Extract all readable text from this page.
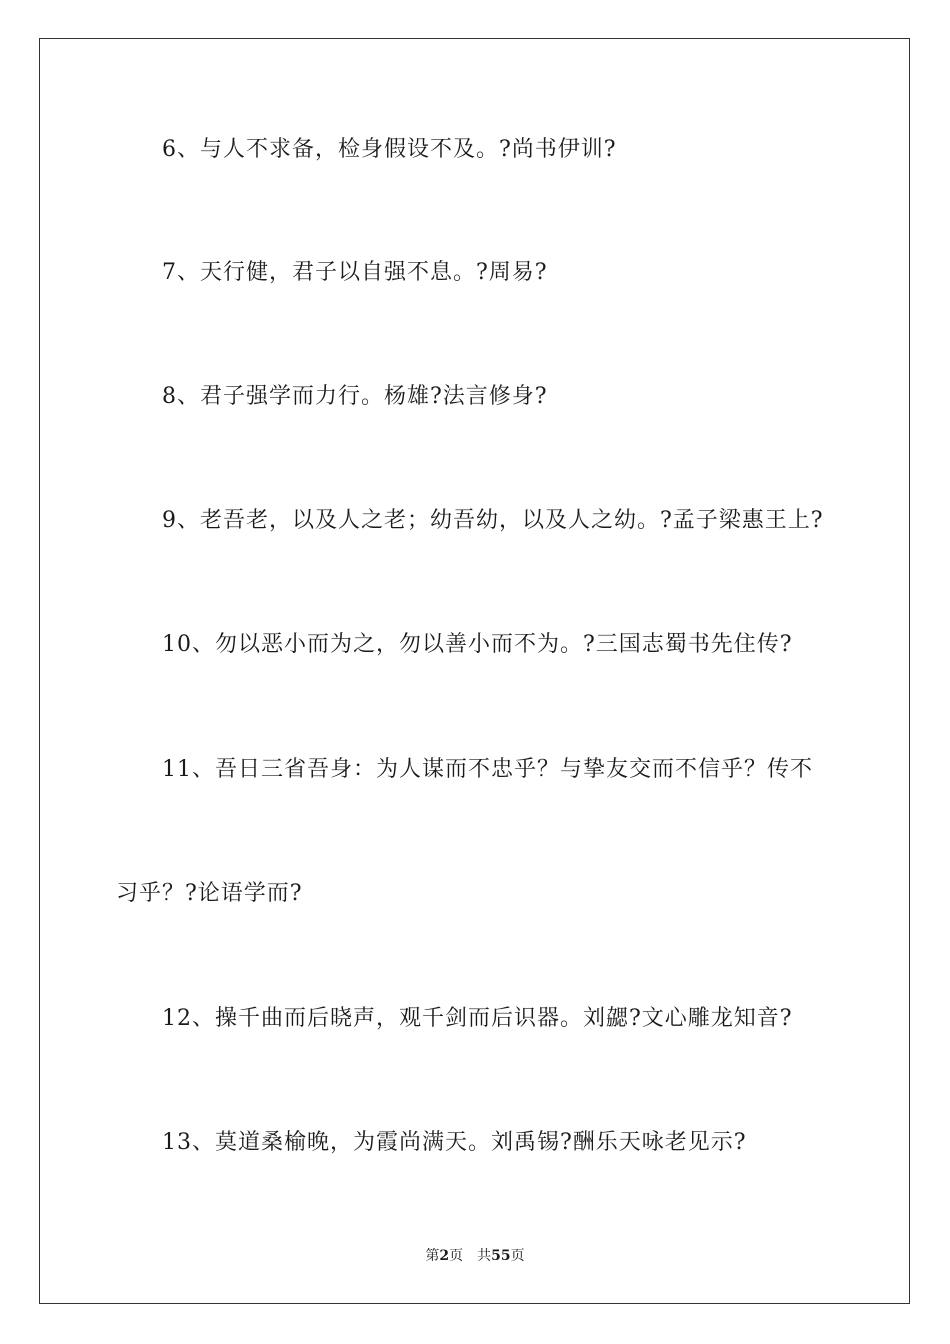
6、与人不求备，检身假设不及。?尚书伊训?
7、天行健，君子以自强不息。?周易?
8、君子强学而力行。杨雄?法言修身?
9、老吾老，以及人之老；幼吾幼，以及人之幼。?孟子梁惠王上?
10、勿以恶小而为之，勿以善小而不为。?三国志蜀书先住传?
11、吾日三省吾身：为人谋而不忠乎？与挚友交而不信乎？传不
习乎？?论语学而?
12、操千曲而后晓声，观千剑而后识器。刘勰?文心雕龙知音?
13、莫道桑榆晚，为霞尚满天。刘禹锡?酬乐天咏老见示?
第2页 共55页
